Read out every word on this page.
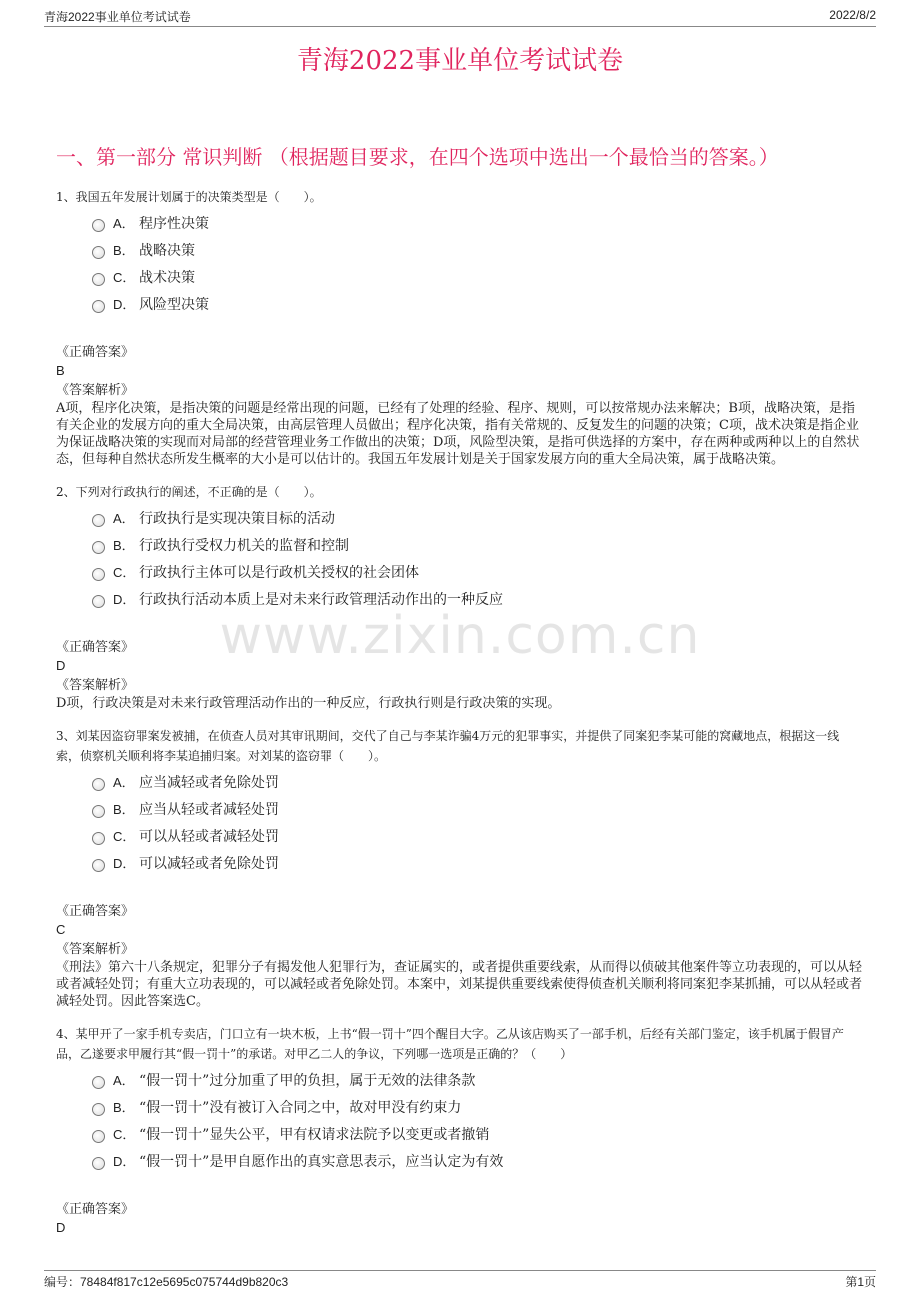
青海2022事业单位考试试卷	2022/8/2
青海2022事业单位考试试卷
一、第一部分 常识判断 （根据题目要求，在四个选项中选出一个最恰当的答案。）
www.zixin.com.cn
1、我国五年发展计划属于的决策类型是（　　）。
A． 程序性决策
B． 战略决策
C． 战术决策
D． 风险型决策
《正确答案》
B
《答案解析》
A项，程序化决策，是指决策的问题是经常出现的问题，已经有了处理的经验、程序、规则，可以按常规办法来解决；B项，战略决策，是指有关企业的发展方向的重大全局决策，由高层管理人员做出；程序化决策，指有关常规的、反复发生的问题的决策；C项，战术决策是指企业为保证战略决策的实现而对局部的经营管理业务工作做出的决策；D项，风险型决策，是指可供选择的方案中，存在两种或两种以上的自然状态，但每种自然状态所发生概率的大小是可以估计的。我国五年发展计划是关于国家发展方向的重大全局决策，属于战略决策。
2、下列对行政执行的阐述，不正确的是（　　）。
A． 行政执行是实现决策目标的活动
B． 行政执行受权力机关的监督和控制
C． 行政执行主体可以是行政机关授权的社会团体
D． 行政执行活动本质上是对未来行政管理活动作出的一种反应
《正确答案》
D
《答案解析》
D项，行政决策是对未来行政管理活动作出的一种反应，行政执行则是行政决策的实现。
3、刘某因盗窃罪案发被捕，在侦查人员对其审讯期间，交代了自己与李某诈骗4万元的犯罪事实，并提供了同案犯李某可能的窝藏地点，根据这一线索，侦察机关顺利将李某追捕归案。对刘某的盗窃罪（　　）。
A． 应当减轻或者免除处罚
B． 应当从轻或者减轻处罚
C． 可以从轻或者减轻处罚
D． 可以减轻或者免除处罚
《正确答案》
C
《答案解析》
《刑法》第六十八条规定，犯罪分子有揭发他人犯罪行为，查证属实的，或者提供重要线索，从而得以侦破其他案件等立功表现的，可以从轻或者减轻处罚；有重大立功表现的，可以减轻或者免除处罚。本案中，刘某提供重要线索使得侦查机关顺利将同案犯李某抓捕，可以从轻或者减轻处罚。因此答案选C。
4、某甲开了一家手机专卖店，门口立有一块木板，上书“假一罚十”四个醒目大字。乙从该店购买了一部手机，后经有关部门鉴定，该手机属于假冒产品，乙遂要求甲履行其“假一罚十”的承诺。对甲乙二人的争议，下列哪一选项是正确的？（　　）
A． “假一罚十”过分加重了甲的负担，属于无效的法律条款
B． “假一罚十”没有被订入合同之中，故对甲没有约束力
C． “假一罚十”显失公平，甲有权请求法院予以变更或者撤销
D． “假一罚十”是甲自愿作出的真实意思表示，应当认定为有效
《正确答案》
D
编号：78484f817c12e5695c075744d9b820c3	第1页
